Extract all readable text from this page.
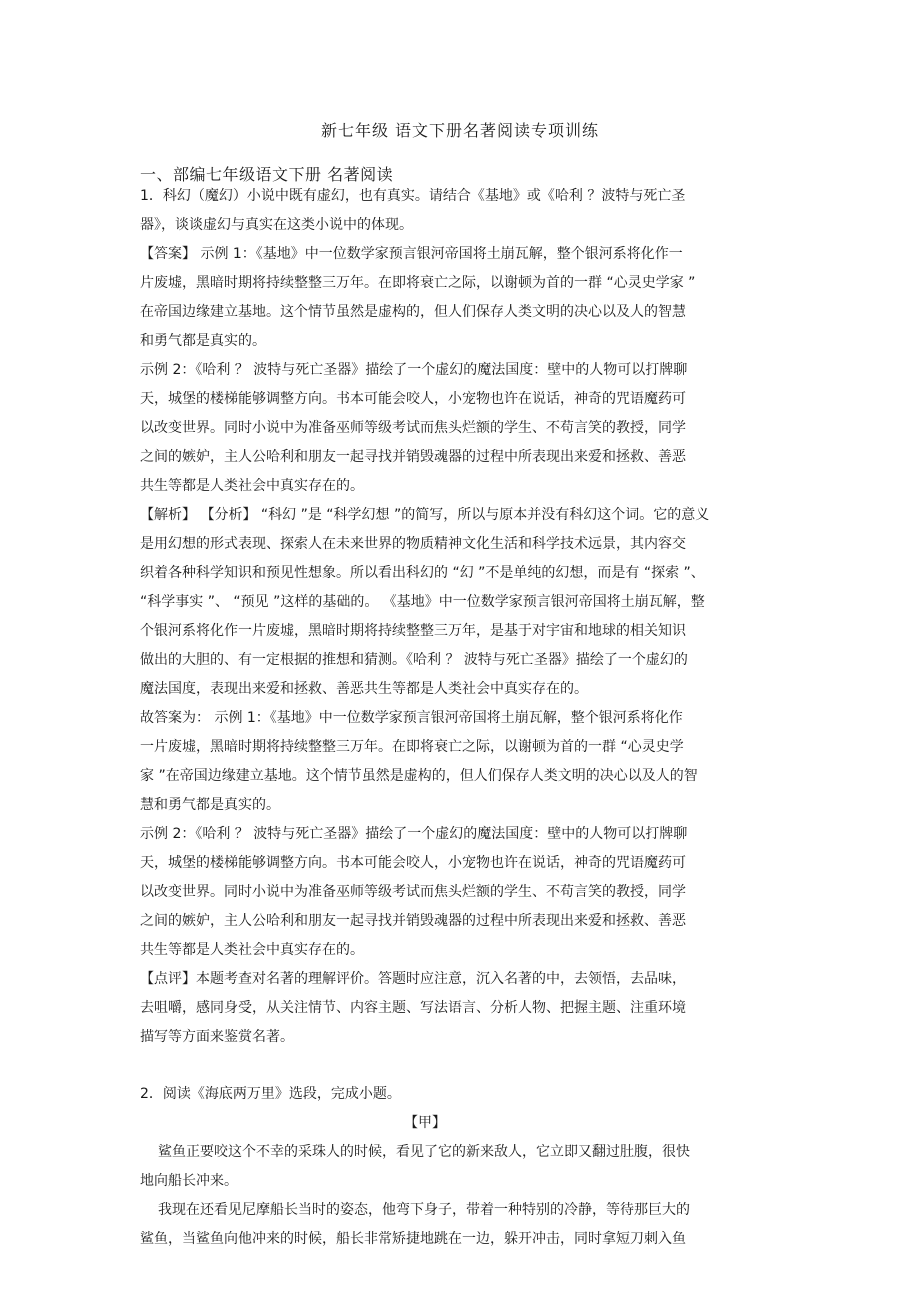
新七年级 语文下册名著阅读专项训练
一、部编七年级语文下册 名著阅读
1．科幻（魔幻）小说中既有虚幻，也有真实。请结合《基地》或《哈利 ？波特与死亡圣
器》，谈谈虚幻与真实在这类小说中的体现。
【答案】 示例 1：《基地》中一位数学家预言银河帝国将土崩瓦解，整个银河系将化作一
片废墟，黑暗时期将持续整整三万年。在即将衰亡之际，以谢顿为首的一群 “心灵史学家 ”
在帝国边缘建立基地。这个情节虽然是虚构的，但人们保存人类文明的决心以及人的智慧
和勇气都是真实的。
示例 2：《哈利 ？ 波特与死亡圣器》描绘了一个虚幻的魔法国度：壁中的人物可以打牌聊
天，城堡的楼梯能够调整方向。书本可能会咬人，小宠物也许在说话，神奇的咒语魔药可
以改变世界。同时小说中为准备巫师等级考试而焦头烂额的学生、不苟言笑的教授，同学
之间的嫉妒，主人公哈利和朋友一起寻找并销毁魂器的过程中所表现出来爱和拯救、善恶
共生等都是人类社会中真实存在的。
【解析】 【分析】 “科幻 ”是 “科学幻想 ”的简写，所以与原本并没有科幻这个词。它的意义
是用幻想的形式表现、探索人在未来世界的物质精神文化生活和科学技术远景，其内容交
织着各种科学知识和预见性想象。所以看出科幻的 “幻 ”不是单纯的幻想，而是有 “探索 ”、
“科学事实 ”、 “预见 ”这样的基础的。 《基地》中一位数学家预言银河帝国将土崩瓦解，整
个银河系将化作一片废墟，黑暗时期将持续整整三万年，是基于对宇宙和地球的相关知识
做出的大胆的、有一定根据的推想和猜测。《哈利 ？ 波特与死亡圣器》描绘了一个虚幻的
魔法国度，表现出来爱和拯救、善恶共生等都是人类社会中真实存在的。
故答案为： 示例 1：《基地》中一位数学家预言银河帝国将土崩瓦解，整个银河系将化作
一片废墟，黑暗时期将持续整整三万年。在即将衰亡之际，以谢顿为首的一群 “心灵史学
家 ”在帝国边缘建立基地。这个情节虽然是虚构的，但人们保存人类文明的决心以及人的智
慧和勇气都是真实的。
示例 2：《哈利 ？ 波特与死亡圣器》描绘了一个虚幻的魔法国度：壁中的人物可以打牌聊
天，城堡的楼梯能够调整方向。书本可能会咬人，小宠物也许在说话，神奇的咒语魔药可
以改变世界。同时小说中为准备巫师等级考试而焦头烂额的学生、不苟言笑的教授，同学
之间的嫉妒，主人公哈利和朋友一起寻找并销毁魂器的过程中所表现出来爱和拯救、善恶
共生等都是人类社会中真实存在的。
【点评】本题考查对名著的理解评价。答题时应注意，沉入名著的中，去领悟，去品味，
去咀嚼，感同身受，从关注情节、内容主题、写法语言、分析人物、把握主题、注重环境
描写等方面来鉴赏名著。
2．阅读《海底两万里》选段，完成小题。
【甲】
鲨鱼正要咬这个不幸的采珠人的时候，看见了它的新来敌人，它立即又翻过肚腹，很快
地向船长冲来。
我现在还看见尼摩船长当时的姿态，他弯下身子，带着一种特别的冷静，等待那巨大的
鲨鱼，当鲨鱼向他冲来的时候，船长非常矫捷地跳在一边，躲开冲击，同时拿短刀刺入鱼
